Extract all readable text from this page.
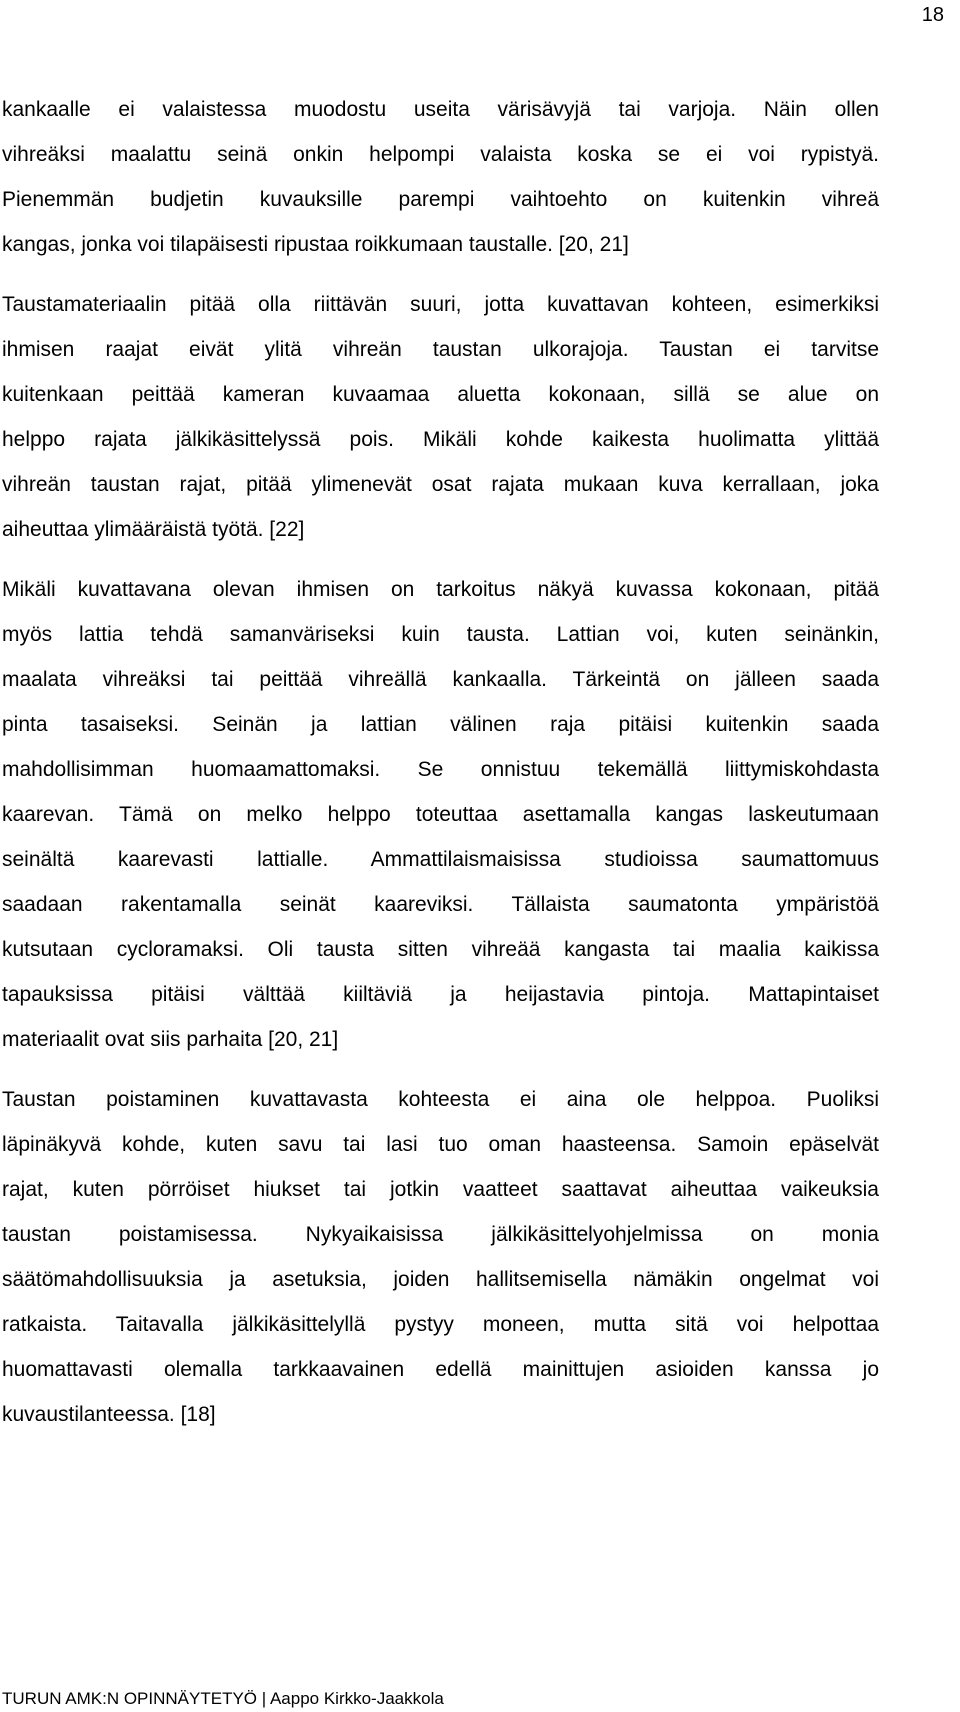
18
kankaalle ei valaistessa muodostu useita värisävyjä tai varjoja. Näin ollen
vihreäksi maalattu seinä onkin helpompi valaista koska se ei voi rypistyä.
Pienemmän budjetin kuvauksille parempi vaihtoehto on kuitenkin vihreä
kangas, jonka voi tilapäisesti ripustaa roikkumaan taustalle. [20, 21]
Taustamateriaalin pitää olla riittävän suuri, jotta kuvattavan kohteen, esimerkiksi
ihmisen raajat eivät ylitä vihreän taustan ulkorajoja. Taustan ei tarvitse
kuitenkaan peittää kameran kuvaamaa aluetta kokonaan, sillä se alue on
helppo rajata jälkikäsittelyssä pois. Mikäli kohde kaikesta huolimatta ylittää
vihreän taustan rajat, pitää ylimenevät osat rajata mukaan kuva kerrallaan, joka
aiheuttaa ylimääräistä työtä. [22]
Mikäli kuvattavana olevan ihmisen on tarkoitus näkyä kuvassa kokonaan, pitää
myös lattia tehdä samanväriseksi kuin tausta. Lattian voi, kuten seinänkin,
maalata vihreäksi tai peittää vihreällä kankaalla. Tärkeintä on jälleen saada
pinta tasaiseksi. Seinän ja lattian välinen raja pitäisi kuitenkin saada
mahdollisimman huomaamattomaksi. Se onnistuu tekemällä liittymiskohdasta
kaarevan. Tämä on melko helppo toteuttaa asettamalla kangas laskeutumaan
seinältä kaarevasti lattialle. Ammattilaismaisissa studioissa saumattomuus
saadaan rakentamalla seinät kaareviksi. Tällaista saumatonta ympäristöä
kutsutaan cycloramaksi. Oli tausta sitten vihreää kangasta tai maalia kaikissa
tapauksissa pitäisi välttää kiiltäviä ja heijastavia pintoja. Mattapintaiset
materiaalit ovat siis parhaita [20, 21]
Taustan poistaminen kuvattavasta kohteesta ei aina ole helppoa. Puoliksi
läpinäkyvä kohde, kuten savu tai lasi tuo oman haasteensa. Samoin epäselvät
rajat, kuten pörröiset hiukset tai jotkin vaatteet saattavat aiheuttaa vaikeuksia
taustan poistamisessa. Nykyaikaisissa jälkikäsittelyohjelmissa on monia
säätömahdollisuuksia ja asetuksia, joiden hallitsemisella nämäkin ongelmat voi
ratkaista. Taitavalla jälkikäsittelyllä pystyy moneen, mutta sitä voi helpottaa
huomattavasti olemalla tarkkaavainen edellä mainittujen asioiden kanssa jo
kuvaustilanteessa. [18]
TURUN AMK:N OPINNÄYTETYÖ | Aappo Kirkko-Jaakkola
